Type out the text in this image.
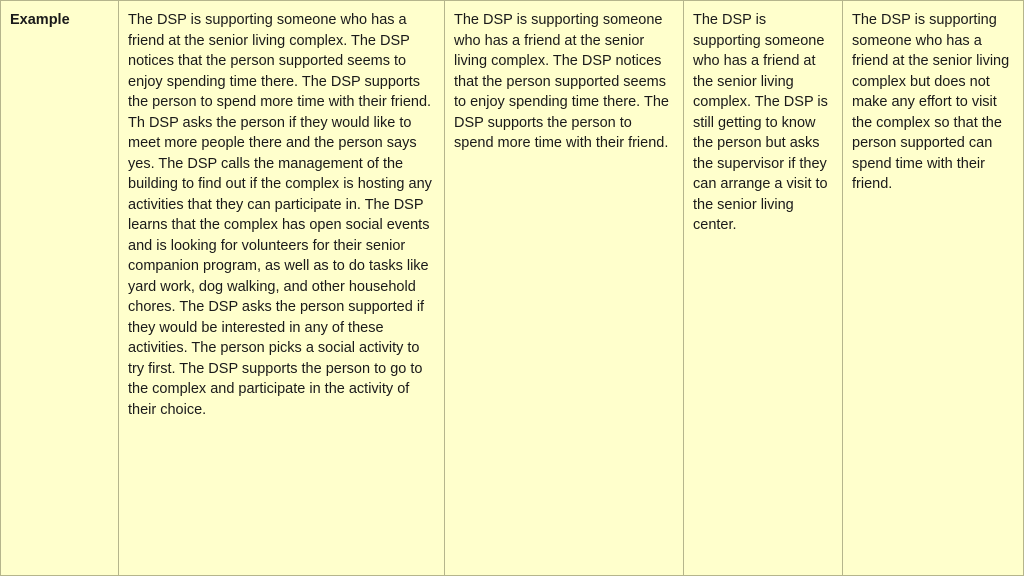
Example	The DSP is supporting someone who has a friend at the senior living complex. The DSP notices that the person supported seems to enjoy spending time there. The DSP supports the person to spend more time with their friend. Th DSP asks the person if they would like to meet more people there and the person says yes. The DSP calls the management of the building to find out if the complex is hosting any activities that they can participate in. The DSP learns that the complex has open social events and is looking for volunteers for their senior companion program, as well as to do tasks like yard work, dog walking, and other household chores. The DSP asks the person supported if they would be interested in any of these activities. The person picks a social activity to try first. The DSP supports the person to go to the complex and participate in the activity of their choice.
The DSP is supporting someone who has a friend at the senior living complex. The DSP notices that the person supported seems to enjoy spending time there. The DSP supports the person to spend more time with their friend.
The DSP is supporting someone who has a friend at the senior living complex. The DSP is still getting to know the person but asks the supervisor if they can arrange a visit to the senior living center.
The DSP is supporting someone who has a friend at the senior living complex but does not make any effort to visit the complex so that the person supported can spend time with their friend.
